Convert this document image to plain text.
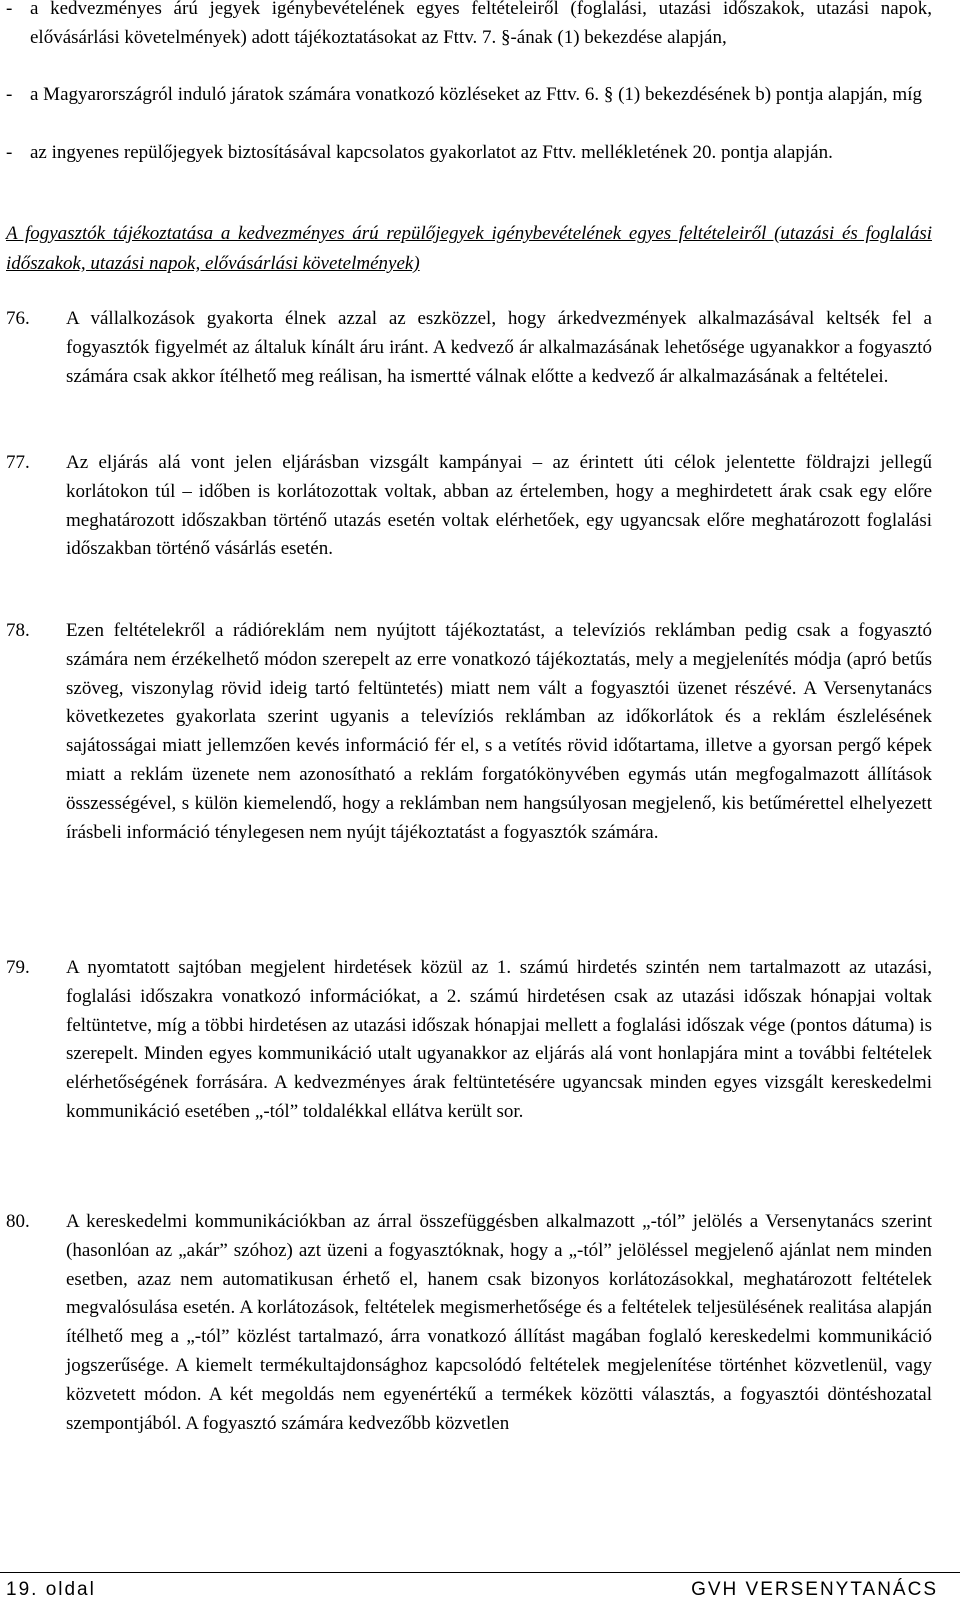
- a kedvezményes árú jegyek igénybevételének egyes feltételeiről (foglalási, utazási időszakok, utazási napok, elővásárlási követelmények) adott tájékoztatásokat az Fttv. 7. §-ának (1) bekezdése alapján,
- a Magyarországról induló járatok számára vonatkozó közléseket az Fttv. 6. § (1) bekezdésének b) pontja alapján, míg
- az ingyenes repülőjegyek biztosításával kapcsolatos gyakorlatot az Fttv. mellékletének 20. pontja alapján.
A fogyasztók tájékoztatása a kedvezményes árú repülőjegyek igénybevételének egyes feltételeiről (utazási és foglalási időszakok, utazási napok, elővásárlási követelmények)
76.	A vállalkozások gyakorta élnek azzal az eszközzel, hogy árkedvezmények alkalmazásával keltsék fel a fogyasztók figyelmét az általuk kínált áru iránt. A kedvező ár alkalmazásának lehetősége ugyanakkor a fogyasztó számára csak akkor ítélhető meg reálisan, ha ismertté válnak előtte a kedvező ár alkalmazásának a feltételei.
77.	Az eljárás alá vont jelen eljárásban vizsgált kampányai – az érintett úti célok jelentette földrajzi jellegű korlátokon túl – időben is korlátozottak voltak, abban az értelemben, hogy a meghirdetett árak csak egy előre meghatározott időszakban történő utazás esetén voltak elérhetőek, egy ugyancsak előre meghatározott foglalási időszakban történő vásárlás esetén.
78.	Ezen feltételekről a rádióreklám nem nyújtott tájékoztatást, a televíziós reklámban pedig csak a fogyasztó számára nem érzékelhető módon szerepelt az erre vonatkozó tájékoztatás, mely a megjelenítés módja (apró betűs szöveg, viszonylag rövid ideig tartó feltüntetés) miatt nem vált a fogyasztói üzenet részévé. A Versenytanács következetes gyakorlata szerint ugyanis a televíziós reklámban az időkorlátok és a reklám észlelésének sajátosságai miatt jellemzően kevés információ fér el, s a vetítés rövid időtartama, illetve a gyorsan pergő képek miatt a reklám üzenete nem azonosítható a reklám forgatókönyvében egymás után megfogalmazott állítások összességével, s külön kiemelendő, hogy a reklámban nem hangsúlyosan megjelenő, kis betűmérettel elhelyezett írásbeli információ ténylegesen nem nyújt tájékoztatást a fogyasztók számára.
79.	A nyomtatott sajtóban megjelent hirdetések közül az 1. számú hirdetés szintén nem tartalmazott az utazási, foglalási időszakra vonatkozó információkat, a 2. számú hirdetésen csak az utazási időszak hónapjai voltak feltüntetve, míg a többi hirdetésen az utazási időszak hónapjai mellett a foglalási időszak vége (pontos dátuma) is szerepelt. Minden egyes kommunikáció utalt ugyanakkor az eljárás alá vont honlapjára mint a további feltételek elérhetőségének forrására. A kedvezményes árak feltüntetésére ugyancsak minden egyes vizsgált kereskedelmi kommunikáció esetében „-tól” toldalékkal ellátva került sor.
80.	A kereskedelmi kommunikációkban az árral összefüggésben alkalmazott „-tól” jelölés a Versenytanács szerint (hasonlóan az „akár” szóhoz) azt üzeni a fogyasztóknak, hogy a „-tól” jelöléssel megjelenő ajánlat nem minden esetben, azaz nem automatikusan érhető el, hanem csak bizonyos korlátozásokkal, meghatározott feltételek megvalósulása esetén. A korlátozások, feltételek megismerhetősége és a feltételek teljesülésének realitása alapján ítélhető meg a „-tól” közlést tartalmazó, árra vonatkozó állítást magában foglaló kereskedelmi kommunikáció jogszerűsége. A kiemelt termékultajdonsághoz kapcsolódó feltételek megjelenítése történhet közvetlenül, vagy közvetett módon. A két megoldás nem egyenértékű a termékek közötti választás, a fogyasztói döntéshozatal szempontjából. A fogyasztó számára kedvezőbb közvetlen
19. oldal	GVH VERSENYTANÁCS
